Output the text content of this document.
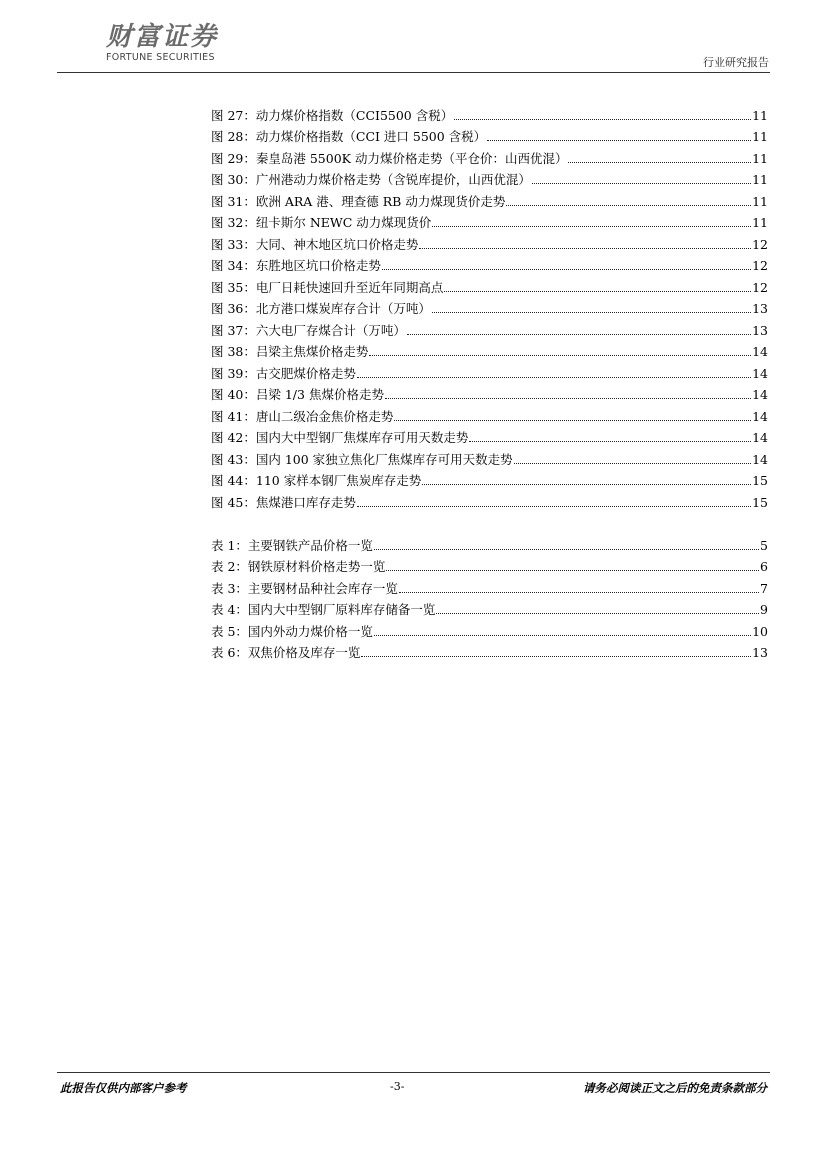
财富证券
FORTUNE SECURITIES	行业研究报告
图 27：动力煤价格指数（CCI5500 含税）	11
图 28：动力煤价格指数（CCI 进口 5500 含税）	11
图 29：秦皇岛港 5500K 动力煤价格走势（平仓价：山西优混）	11
图 30：广州港动力煤价格走势（含锐库提价，山西优混）	11
图 31：欧洲 ARA 港、理查德 RB 动力煤现货价走势	11
图 32：纽卡斯尔 NEWC 动力煤现货价	11
图 33：大同、神木地区坑口价格走势	12
图 34：东胜地区坑口价格走势	12
图 35：电厂日耗快速回升至近年同期高点	12
图 36：北方港口煤炭库存合计（万吨）	13
图 37：六大电厂存煤合计（万吨）	13
图 38：吕梁主焦煤价格走势	14
图 39：古交肥煤价格走势	14
图 40：吕梁 1/3 焦煤价格走势	14
图 41：唐山二级冶金焦价格走势	14
图 42：国内大中型钢厂焦煤库存可用天数走势	14
图 43：国内 100 家独立焦化厂焦煤库存可用天数走势	14
图 44：110 家样本钢厂焦炭库存走势	15
图 45：焦煤港口库存走势	15
表 1：主要钢铁产品价格一览	5
表 2：钢铁原材料价格走势一览	6
表 3：主要钢材品种社会库存一览	7
表 4：国内大中型钢厂原料库存储备一览	9
表 5：国内外动力煤价格一览	10
表 6：双焦价格及库存一览	13
此报告仅供内部客户参考	-3-	请务必阅读正文之后的免责条款部分
